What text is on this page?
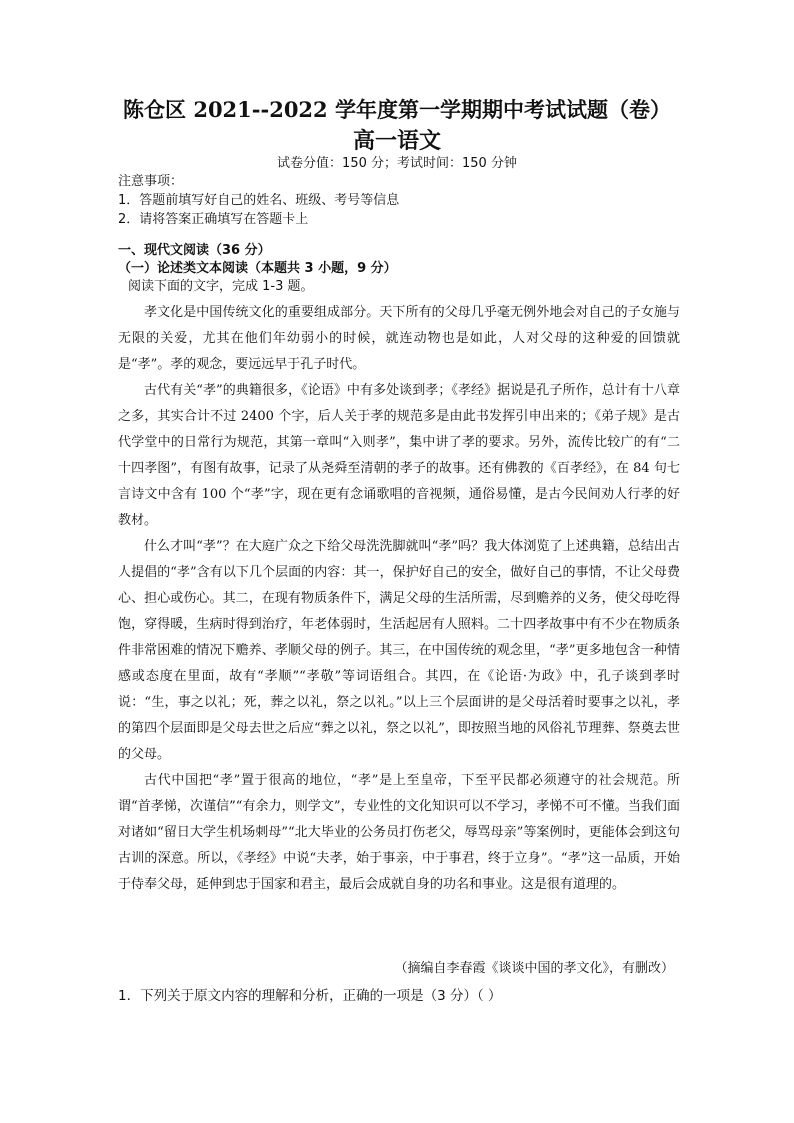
陈仓区 2021--2022 学年度第一学期期中考试试题（卷）
高一语文
试卷分值：150 分；考试时间：150 分钟
注意事项：
1．答题前填写好自己的姓名、班级、考号等信息
2．请将答案正确填写在答题卡上
一、现代文阅读（36 分）
（一）论述类文本阅读（本题共 3 小题，9 分）
阅读下面的文字，完成 1-3 题。

孝文化是中国传统文化的重要组成部分。天下所有的父母几乎毫无例外地会对自己的子女施与无限的关爱，尤其在他们年幼弱小的时候，就连动物也是如此，人对父母的这种爱的回馈就是“孝”。孝的观念，要远远早于孔子时代。

古代有关“孝”的典籍很多，《论语》中有多处谈到孝；《孝经》据说是孔子所作，总计有十八章之多，其实合计不过 2400 个字，后人关于孝的规范多是由此书发挥引申出来的；《弟子规》是古代学堂中的日常行为规范，其第一章叫“入则孝”，集中讲了孝的要求。另外，流传比较广的有“二十四孝图”，有图有故事，记录了从尧舜至清朝的孝子的故事。还有佛教的《百孝经》，在 84 句七言诗文中含有 100 个“孝”字，现在更有念诵歌唱的音视频，通俗易懂，是古今民间劝人行孝的好教材。

什么才叫“孝”？在大庭广众之下给父母洗洗脚就叫“孝”吗？我大体浏览了上述典籍，总结出古人提倡的“孝”含有以下几个层面的内容：其一，保护好自己的安全，做好自己的事情，不让父母费心、担心或伤心。其二，在现有物质条件下，满足父母的生活所需，尽到赡养的义务，使父母吃得饱，穿得暖，生病时得到治疗，年老体弱时，生活起居有人照料。二十四孝故事中有不少在物质条件非常困难的情况下赡养、孝顺父母的例子。其三，在中国传统的观念里，“孝”更多地包含一种情感或态度在里面，故有“孝顺”“孝敬”等词语组合。其四，在《论语·为政》中，孔子谈到孝时说：“生，事之以礼；死，葬之以礼，祭之以礼。”以上三个层面讲的是父母活着时要事之以礼，孝的第四个层面即是父母去世之后应“葬之以礼，祭之以礼”，即按照当地的风俗礼节理葬、祭奠去世的父母。

古代中国把“孝”置于很高的地位，“孝”是上至皇帝，下至平民都必须遵守的社会规范。所谓“首孝悌，次谨信”“有余力，则学文”，专业性的文化知识可以不学习，孝悌不可不懂。当我们面对诸如“留日大学生机场刺母”“北大毕业的公务员打伤老父，辱骂母亲”等案例时，更能体会到这句古训的深意。所以，《孝经》中说“夫孝，始于事亲，中于事君，终于立身”。“孝”这一品质，开始于侍奉父母，延伸到忠于国家和君主，最后会成就自身的功名和事业。这是很有道理的。

（摘编自李春霞《谈谈中国的孝文化》，有删改）
1．下列关于原文内容的理解和分析，正确的一项是（3 分）（ ）
